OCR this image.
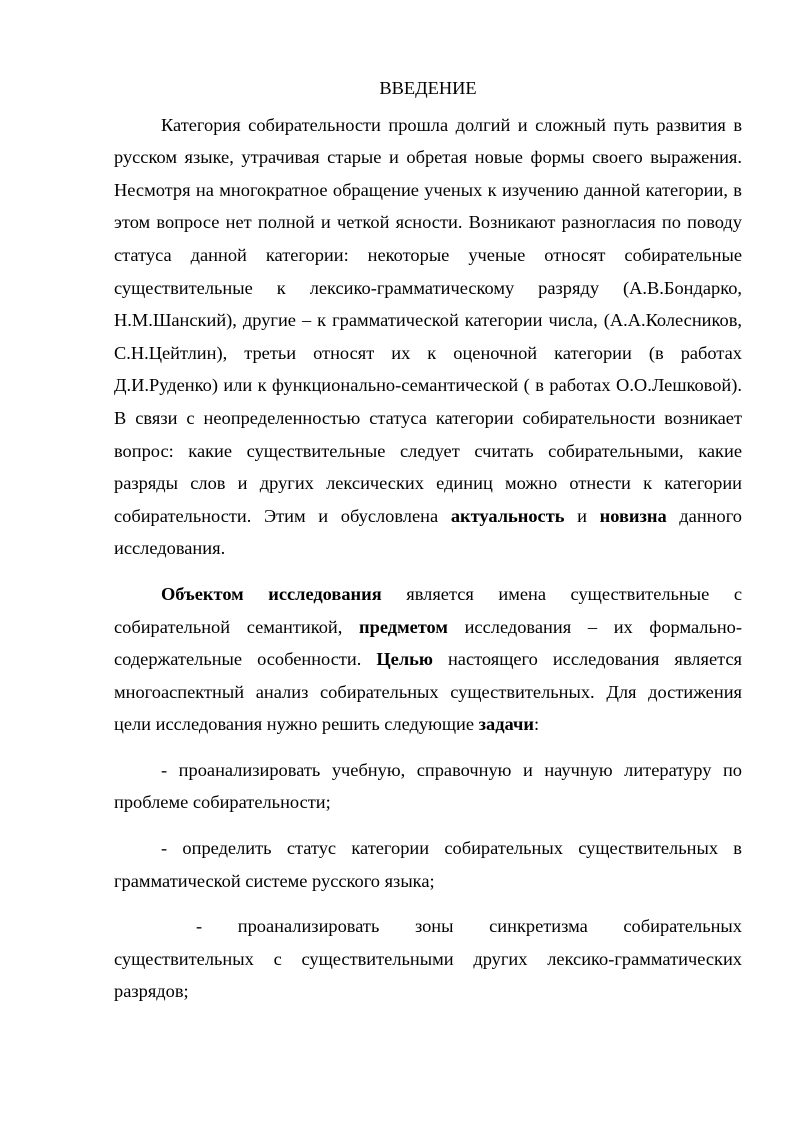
ВВЕДЕНИЕ

Категория собирательности прошла долгий и сложный путь развития в русском языке, утрачивая старые и обретая новые формы своего выражения. Несмотря на многократное обращение ученых к изучению данной категории, в этом вопросе нет полной и четкой ясности. Возникают разногласия по поводу статуса данной категории: некоторые ученые относят собирательные существительные к лексико-грамматическому разряду (А.В.Бондарко, Н.М.Шанский), другие – к грамматической категории числа, (А.А.Колесников, С.Н.Цейтлин), третьи относят их к оценочной категории (в работах Д.И.Руденко) или к функционально-семантической ( в работах О.О.Лешковой). В связи с неопределенностью статуса категории собирательности возникает вопрос: какие существительные следует считать собирательными, какие разряды слов и других лексических единиц можно отнести к категории собирательности. Этим и обусловлена актуальность и новизна данного исследования.

Объектом исследования является имена существительные с собирательной семантикой, предметом исследования – их формально-содержательные особенности. Целью настоящего исследования является многоаспектный анализ собирательных существительных. Для достижения цели исследования нужно решить следующие задачи:

- проанализировать учебную, справочную и научную литературу по проблеме собирательности;

- определить статус категории собирательных существительных в грамматической системе русского языка;

- проанализировать зоны синкретизма собирательных существительных с существительными других лексико-грамматических разрядов;
